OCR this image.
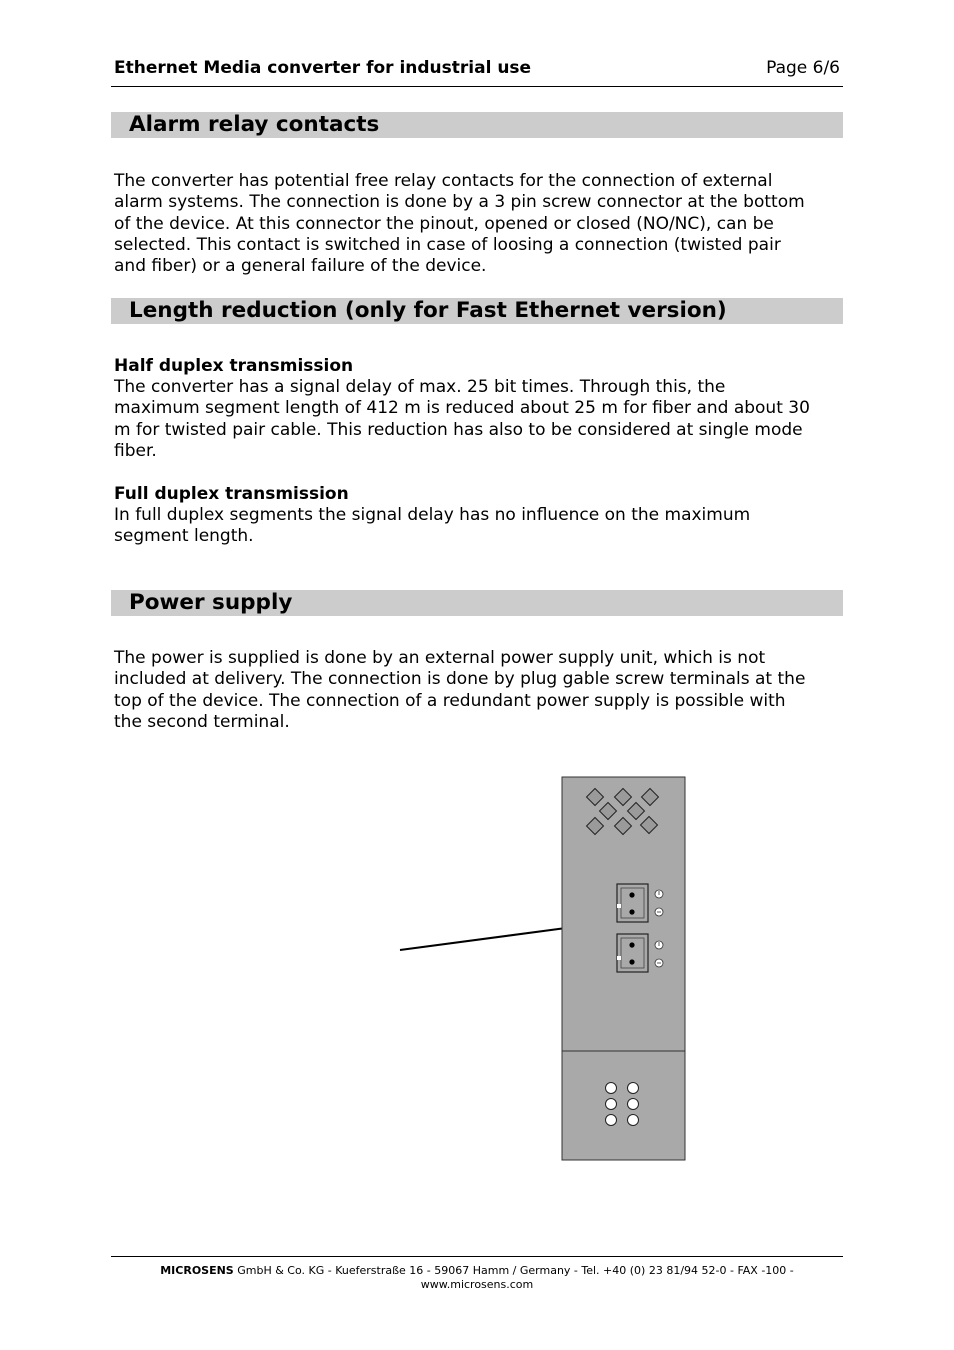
Ethernet Media converter for industrial use	Page 6/6
Alarm relay contacts
The converter has potential free relay contacts for the connection of external
alarm systems. The connection is done by a 3 pin screw connector at the bottom
of the device. At this connector the pinout, opened or closed (NO/NC), can be
selected. This contact is switched in case of loosing a connection (twisted pair
and fiber) or a general failure of the device.
Length reduction (only for Fast Ethernet version)
Half duplex transmission
The converter has a signal delay of max. 25 bit times. Through this, the
maximum segment length of 412 m is reduced about 25 m for fiber and about 30
m for twisted pair cable. This reduction has also to be considered at single mode
fiber.
Full duplex transmission
In full duplex segments the signal delay has no influence on the maximum
segment length.
Power supply
The power is supplied is done by an external power supply unit, which is not
included at delivery. The connection is done by plug gable screw terminals at the
top of the device. The connection of a redundant power supply is possible with
the second terminal.
MICROSENS GmbH & Co. KG - Kueferstraße 16 - 59067 Hamm / Germany - Tel. +40 (0) 23 81/94 52-0 - FAX -100 -
www.microsens.com
